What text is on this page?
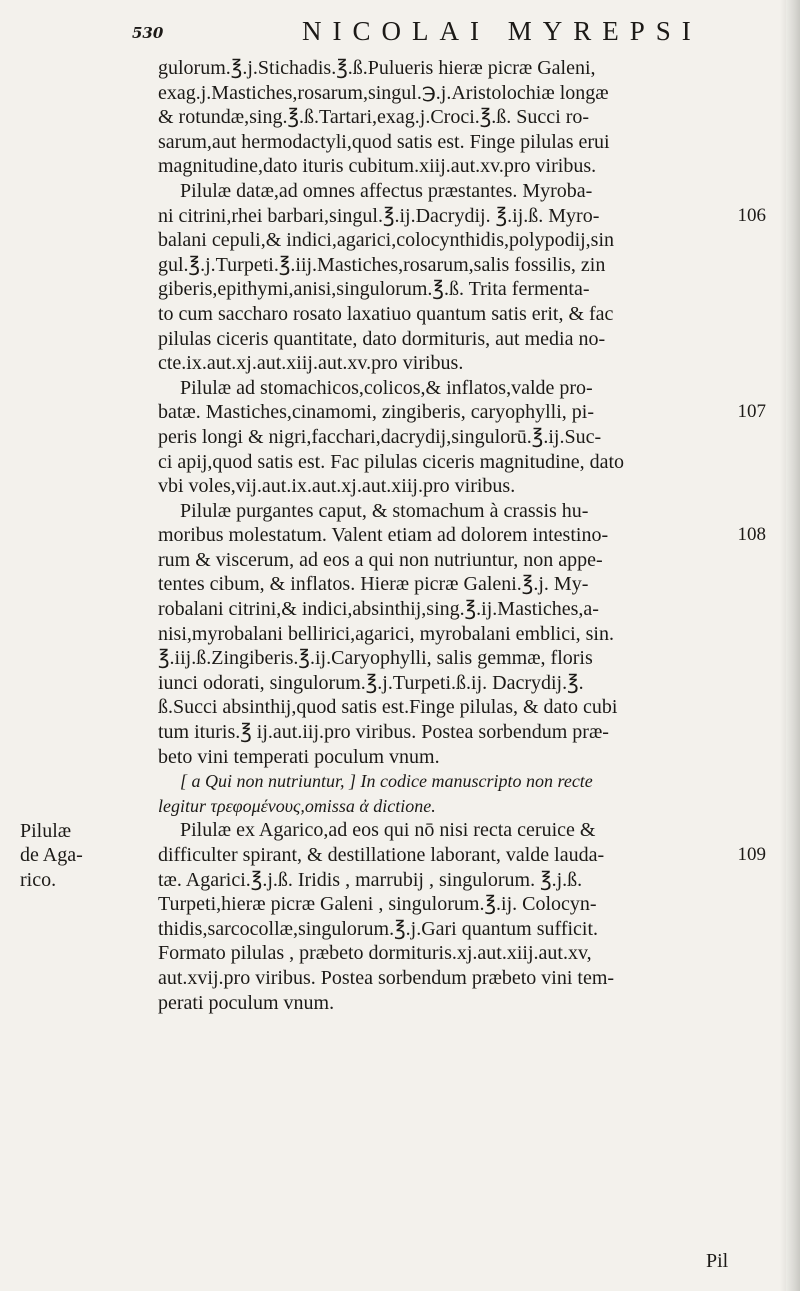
530	NICOLAI MYREPSI
gulorum.℥.j.Stichadis.℥.ß.Pulueris hieræ picræ Galeni,
exag.j.Mastiches,rosarum,singul.℈.j.Aristolochiæ longæ
& rotundæ,sing.℥.ß.Tartari,exag.j.Croci.℥.ß. Succi ro-
sarum,aut hermodactyli,quod satis est. Finge pilulas erui
magnitudine,dato ituris cubitum.xiij.aut.xv.pro viribus.
Pilulæ datæ,ad omnes affectus præstantes. Myroba-
ni citrini,rhei barbari,singul.℥.ij.Dacrydij. ℥.ij.ß. Myro-	106
balani cepuli,& indici,agarici,colocynthidis,polypodij,sin
gul.℥.j.Turpeti.℥.iij.Mastiches,rosarum,salis fossilis, zin
giberis,epithymi,anisi,singulorum.℥.ß. Trita fermenta-
to cum saccharo rosato laxatiuo quantum satis erit, & fac
pilulas ciceris quantitate, dato dormituris, aut media no-
cte.ix.aut.xj.aut.xiij.aut.xv.pro viribus.
Pilulæ ad stomachicos,colicos,& inflatos,valde pro-
batæ. Mastiches,cinamomi, zingiberis, caryophylli, pi-	107
peris longi & nigri,facchari,dacrydij,singulorū.℥.ij.Suc-
ci apij,quod satis est. Fac pilulas ciceris magnitudine, dato
vbi voles,vij.aut.ix.aut.xj.aut.xiij.pro viribus.
Pilulæ purgantes caput, & stomachum à crassis hu-
moribus molestatum. Valent etiam ad dolorem intestino-	108
rum & viscerum, ad eos a qui non nutriuntur, non appe-
tentes cibum, & inflatos. Hieræ picræ Galeni.℥.j. My-
robalani citrini,& indici,absinthij,sing.℥.ij.Mastiches,a-
nisi,myrobalani bellirici,agarici, myrobalani emblici, sin.
℥.iij.ß.Zingiberis.℥.ij.Caryophylli, salis gemmæ, floris
iunci odorati, singulorum.℥.j.Turpeti.ß.ij. Dacrydij.℥.
ß.Succi absinthij,quod satis est.Finge pilulas, & dato cubi
tum ituris.℥ ij.aut.iij.pro viribus. Postea sorbendum præ-
beto vini temperati poculum vnum.
[ a Qui non nutriuntur, ] In codice manuscripto non recte
legitur τρεφομένους,omissa ἀ dictione.
Pilulæ ex Agarico,ad eos qui nō nisi recta ceruice &
difficulter spirant, & destillatione laborant, valde lauda-	109
tæ. Agarici.℥.j.ß. Iridis , marrubij , singulorum. ℥.j.ß.
Turpeti,hieræ picræ Galeni , singulorum.℥.ij. Colocyn-
thidis,sarcocollæ,singulorum.℥.j.Gari quantum sufficit.
Formato pilulas , præbeto dormituris.xj.aut.xiij.aut.xv,
aut.xvij.pro viribus. Postea sorbendum præbeto vini tem-
perati poculum vnum.
Pilulæ
de Aga-
rico.
Pil
